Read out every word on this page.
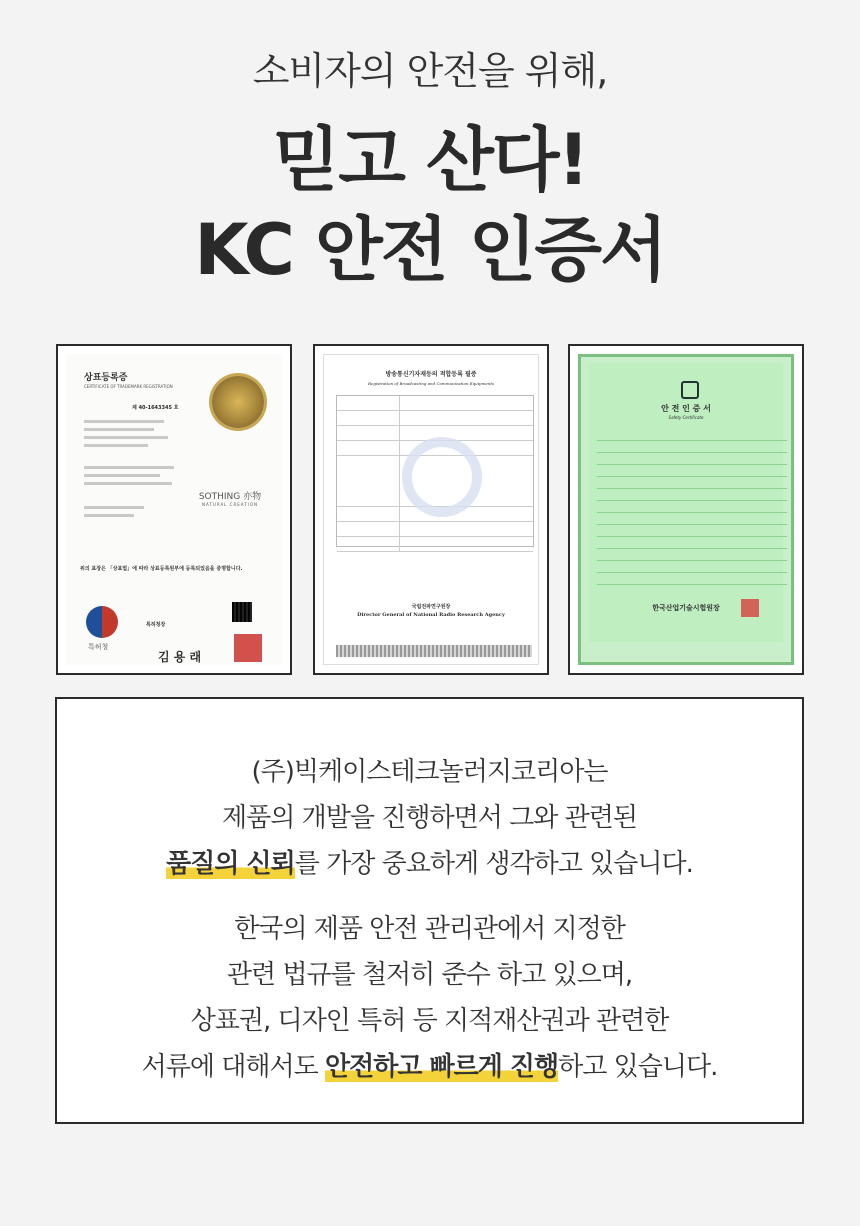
소비자의 안전을 위해,
믿고 산다!
KC 안전 인증서
상표등록증
CERTIFICATE OF TRADEMARK REGISTRATION
제 40-1643345 호
SOTHING 亦物
NATURAL CREATION
위의 표장은 「상표법」에 따라 상표등록원부에 등록되었음을 증명합니다.
특허청
특허청장
김 용 래
방송통신기자재등의 적합등록 필증
Registration of Broadcasting and Communication Equipments
국립전파연구원장
Director General of National Radio Research Agency
안 전 인 증 서
Safety Certificate
한국산업기술시험원장
(주)빅케이스테크놀러지코리아는
제품의 개발을 진행하면서 그와 관련된
품질의 신뢰를 가장 중요하게 생각하고 있습니다.
한국의 제품 안전 관리관에서 지정한
관련 법규를 철저히 준수 하고 있으며,
상표권, 디자인 특허 등 지적재산권과 관련한
서류에 대해서도 안전하고 빠르게 진행하고 있습니다.
